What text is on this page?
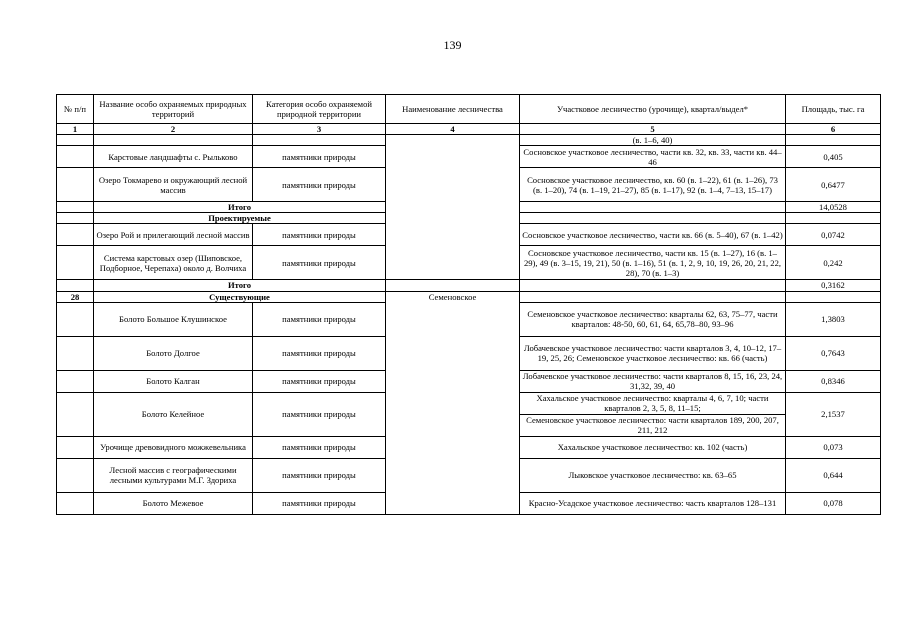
139
№ п/п	Название особо охраняемых природных территорий	Категория особо охраняемой природной территории	Наименование лесничества	Участковое лесничество (урочище), квартал/выдел*	Площадь, тыс. га
1	2	3	4	5	6
				(в. 1–6, 40)	
	Карстовые ландшафты с. Рыльково	памятники природы		Сосновское участковое лесничество, части кв. 32, кв. 33, части кв. 44–46	0,405
	Озеро Токмарево и окружающий лесной массив	памятники природы		Сосновское участковое лесничество, кв. 60 (в. 1–22), 61 (в. 1–26), 73 (в. 1–20), 74 (в. 1–19, 21–27), 85 (в. 1–17), 92 (в. 1–4, 7–13, 15–17)	0,6477
	Итого				14,0528
	Проектируемые				
	Озеро Рой и прилегающий лесной массив	памятники природы		Сосновское участковое лесничество, части кв. 66 (в. 5–40), 67 (в. 1–42)	0,0742
	Система карстовых озер (Шиповское, Подборное, Черепаха) около д. Волчиха	памятники природы		Сосновское участковое лесничество, части кв. 15 (в. 1–27), 16 (в. 1–29), 49 (в. 3–15, 19, 21), 50 (в. 1–16), 51 (в. 1, 2, 9, 10, 19, 26, 20, 21, 22, 28), 70 (в. 1–3)	0,242
	Итого				0,3162
28	Существующие		Семеновское		
	Болото Большое Клушинское	памятники природы		Семеновское участковое лесничество: кварталы 62, 63, 75–77, части кварталов: 48-50, 60, 61, 64, 65,78–80, 93–96	1,3803
	Болото Долгое	памятники природы		Лобачевское участковое лесничество: части кварталов 3, 4, 10–12, 17–19, 25, 26; Семеновское участковое лесничество: кв. 66 (часть)	0,7643
	Болото Калган	памятники природы		Лобачевское участковое лесничество: части кварталов 8, 15, 16, 23, 24, 31,32, 39, 40	0,8346
	Болото Келейное	памятники природы		Хахальское участковое лесничество: кварталы 4, 6, 7, 10; части кварталов 2, 3, 5, 8, 11–15;	2,1537
				Семеновское участковое лесничество: части кварталов 189, 200, 207, 211, 212	
	Урочище древовидного можжевельника	памятники природы		Хахальское участковое лесничество: кв. 102 (часть)	0,073
	Лесной массив с географическими лесными культурами М.Г. Здориха	памятники природы		Лыковское участковое лесничество: кв. 63–65	0,644
	Болото Межевое	памятники природы		Красно-Усадское участковое лесничество: часть кварталов 128–131	0,078
